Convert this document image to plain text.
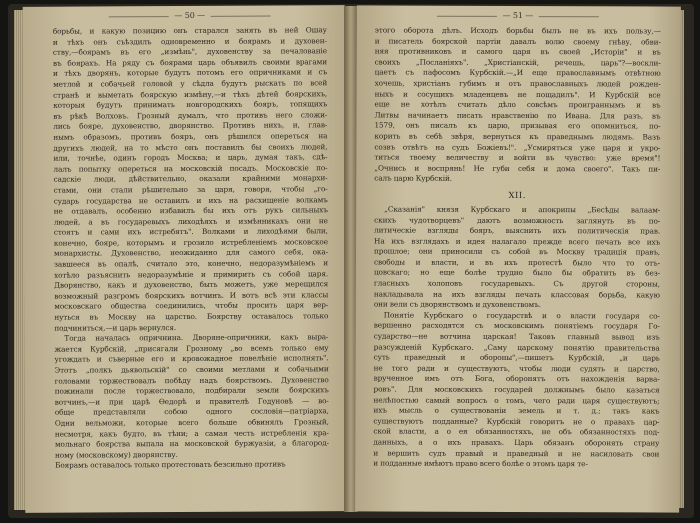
— 50 —
борьбы, и какую позицию онъ старался занять въ ней Ошау
и тѣхъ онъ съѣздилъ одновременно и боярамъ и духовен-
ству,—боярамъ въ его „измѣнь", духовенству за печалованіе
въ боярахъ. На ряду съ боярами царь объявилъ своими врагами
и тѣхъ дворянъ, которые будутъ потомъ его опричниками и съ
метлой и собачьей головой у сѣдла будутъ рыскать по всей
странѣ и выметать боярскую измѣну,—и тѣхъ дѣтей боярскихъ,
которыя будутъ принимать новгородскихъ бояръ, топящихъ
въ рѣкѣ Волховъ. Грозный думалъ, что противъ него сложи-
лись бояре, духовенство, дворянство. Противъ нихъ, и, глав-
нымъ образомъ, противъ бояръ, онъ рѣшился опереться на
другихъ людей, на то мѣсто онъ поставилъ бы своихъ людей,
или, точнѣе, одинъ городъ Москва; и царь, думая такъ, сдѣ-
лалъ попытку опереться на московскій посадъ. Московскіе по-
садскіе люди, дѣйствительно, оказали крайними монархи-
стами, они стали рѣшительно за царя, говоря, чтобы „го-
сударь государства не оставилъ и ихъ на расхищеніе волкамъ
не отдавалъ, особенно избавилъ бы ихъ отъ рукъ сильныхъ
людей, а въ государевыхъ лиходѣяхъ и измѣнникахъ они не
стоятъ и сами ихъ истребятъ". Волками и лиходѣями были,
конечно, бояре, которымъ и грозило истребленіемъ московское
монархисты. Духовенство, неожиданно для самого себя, ока-
завшееся въ опалѣ, считало это, конечно, недоразумѣніемъ и
хотѣло разъяснить недоразумѣніе и примирить съ собой царя.
Дворянство, какъ и духовенство, быть можетъ, уже мерещился
возможный разгромъ боярскихъ вотчинъ. И вотъ всѣ эти классы
московскаго общества соединились, чтобы просить царя вер-
нуться въ Москву на царство. Боярству оставалось только
подчиниться,—и царь вернулся.
Тогда началась опричнина. Дворяне-опричники, какъ выра-
жается Курбскій, „присягали Грозному „во всемъ только ему
угождать и съверные его и кровожадное повелѣніе исполнять".
Этотъ „полкъ дьявольскій" со своими метлами и собачьими
головами торжествовалъ побѣду надъ боярствомъ. Духовенство
пожинали после торжествовало, подбирали земли боярскихъ
вотчинъ,—и при царѣ Ѳедорѣ и правителѣ Годуновѣ — во-
обще представляли собою одного сословія—патріарха,
Одни вельможи, которые всего больше обвинялъ Грозный,
несмотря, какъ будто, въ тѣни; а самая честь истребленія кра-
мольнаго боярства выпала на московской буржуазіи, а благород-
ному (московскому) дворянству.
Боярамъ оставалось только протестовать безсильно противъ
— 51 —
этого оборота дѣлъ. Исходъ борьбы былъ не въ ихъ пользу,—
и писатель боярской партіи давалъ волю своему гнѣву, обви-
няя противниковъ и самого царя въ своей „Исторіи" и въ
своихъ „Посланіяхъ". „Христіанскій, речешь, царь"?—воскли-
цаетъ съ пафосомъ Курбскій.—„И еще православнымъ отвѣтною
хочешь, христіанъ губимъ и отъ православныхъ людей рожден-
ныхъ и сосущихъ младенцевъ не пощадилъ". И Курбскій все
еще не хотѣлъ считать дѣло совсѣмъ проиграннымъ и въ
Литвы начинаетъ писать нравственію по Ивана. Для разъ, въ
1579, онъ писалъ къ царю, призывая его опомниться, по-
корить въ себѣ звѣря, вернуться къ праведнымъ людямъ. Вазъ
созвъ отвѣтъ на судъ Божіевъ!". „Усмиряться уже царя и укро-
титься твоему величеству и войти въ чувство: уже время"!
„Очнись и воспрянь! Не губи себя и дома своего". Такъ пи-
салъ царю Курбскій.
XII.
„Сказанія" князя Курбскаго и апокрипы „Бесѣды валаам-
скихъ чудотворцевъ" даютъ возможность заглянуть въ по-
литическіе взгляды бояръ, выяснить ихъ политическія прав.
На ихъ взглядахъ и идея налагало прежде всего печать все ихъ
прошлое; они приносили съ собой въ Москву традиція правъ,
свободы и власти, и въ ихъ протестѣ было что то отъ-
цовскаго; но еще болѣе трудно было бы обратить въ без-
гласныхъ холоповъ государевыхъ. Съ другой стороны,
накладывала на ихъ взгляды печать классовая борьба, какую
они вели съ дворянствомъ и духовенствомъ.
Понятіе Курбскаго о государствѣ и о власти государя со-
вершенно расходятся съ московскимъ понятіемъ государя Го-
сударство—не вотчина царская! Таковъ главный вывод изъ
разсужденій Курбскаго. „Саму царскому понятію правительства
суть праведный и обороны",—пишетъ Курбскій, „и царь
не того ради и существуютъ, чтобы люди судять и царство,
врученное имъ отъ Бога, оборонятъ отъ нахожденія варва-
ровъ". Для московскихъ государей должнымъ было казаться
нелѣпостью самый вопросъ о томъ, чего ради царя существуютъ;
ихъ мысль о существованіи земель и т. д.; такъ какъ
существуютъ подданные? Курбскій говоритъ не о правахъ цар-
ской власти, а о ея обязанностяхъ, не объ обязанностяхъ под-
данныхъ, а о ихъ правахъ. Царь обязанъ оборонять страну
и вершить судъ правый и праведный и не насиловать свои
и подданные имѣютъ право всего болѣе о этомъ царя те-
